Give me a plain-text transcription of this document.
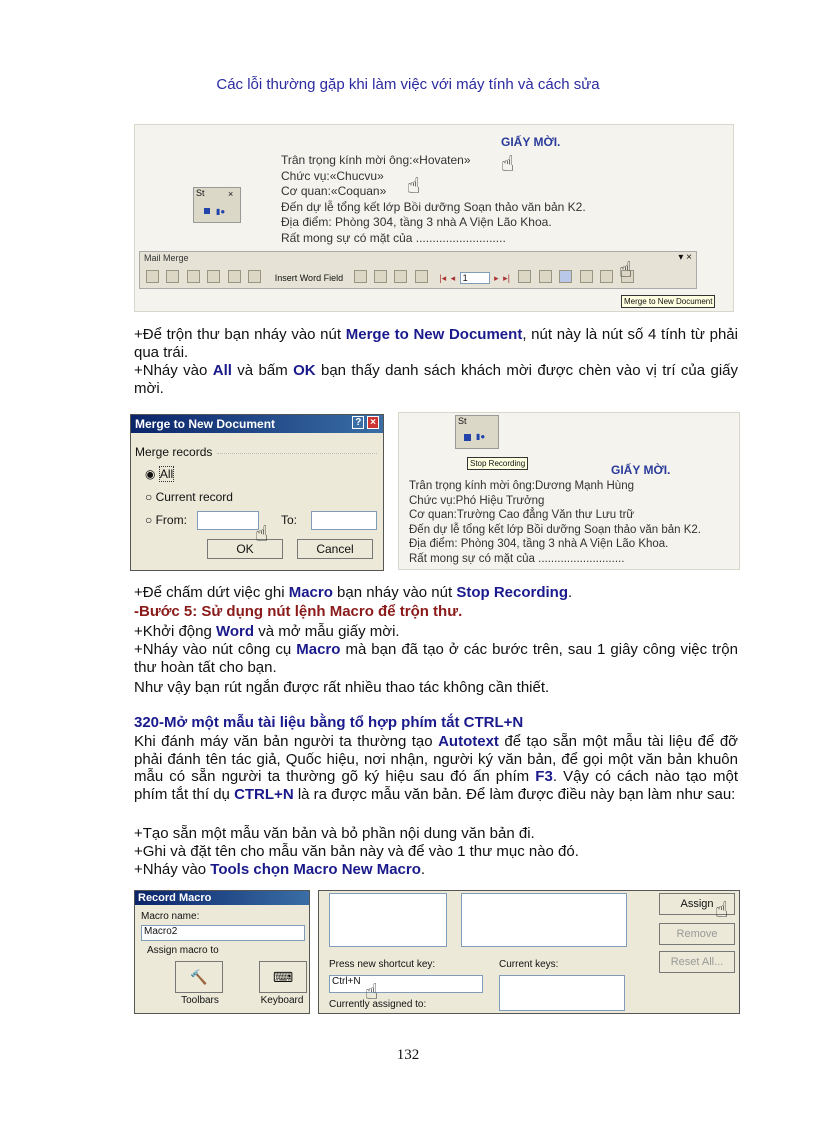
Các lỗi thường gặp khi làm việc với máy tính và cách sửa
GIẤY MỜI.
Trân trọng kính mời ông:«Hovaten»
Chức vụ:«Chucvu»
Cơ quan:«Coquan»
Đến dự lễ tổng kết lớp Bồi dưỡng Soạn thảo văn bản K2.
Địa điểm: Phòng 304, tầng 3 nhà A Viện Lão Khoa.
Rất mong sự có mặt của ...........................
☝
☝
St
▮●
×
Mail Merge	▾ ×
Insert Word Field	|◂ ◂ 1	▸ ▸|	☝
Merge to New Document
+Để trộn thư bạn nháy vào nút Merge to New Document, nút này là nút số 4 tính từ phải qua trái.
+Nháy vào All và bấm OK bạn thấy danh sách khách mời được chèn vào vị trí của giấy mời.
Merge to New Document	? ×
Merge records
◉ All
○ Current record
○ From:	To:
OK	Cancel
☝
St
▮●
Stop Recording	GIẤY MỜI.
Trân trọng kính mời ông:Dương Mạnh Hùng
Chức vụ:Phó Hiệu Trưởng
Cơ quan:Trường Cao đẳng Văn thư Lưu trữ
Đến dự lễ tổng kết lớp Bồi dưỡng Soạn thảo văn bản K2.
Địa điểm: Phòng 304, tầng 3 nhà A Viện Lão Khoa.
Rất mong sự có mặt của ...........................
+Để chấm dứt việc ghi Macro bạn nháy vào nút Stop Recording.
-Bước 5: Sử dụng nút lệnh Macro để trộn thư.
+Khởi động Word và mở mẫu giấy mời.
+Nháy vào nút công cụ Macro mà bạn đã tạo ở các bước trên, sau 1 giây công việc trộn thư hoàn tất cho bạn.
Như vậy bạn rút ngắn được rất nhiều thao tác không cần thiết.
320-Mở một mẫu tài liệu bằng tổ hợp phím tắt CTRL+N
Khi đánh máy văn bản người ta thường tạo Autotext để tạo sẵn một mẫu tài liệu để đỡ phải đánh tên tác giả, Quốc hiệu, nơi nhận, người ký văn bản, để gọi một văn bản khuôn mẫu có sẵn người ta thường gõ ký hiệu sau đó ấn phím F3. Vậy có cách nào tạo một phím tắt thí dụ CTRL+N là ra được mẫu văn bản. Để làm được điều này bạn làm như sau:
+Tạo sẵn một mẫu văn bản và bỏ phần nội dung văn bản đi.
+Ghi và đặt tên cho mẫu văn bản này và để vào 1 thư mục nào đó.
+Nháy vào Tools chọn Macro New Macro.
Record Macro
Macro name:
Macro2
Assign macro to
🔨
Toolbars
⌨
Keyboard
Assign
Remove
Reset All...
Press new shortcut key:
Ctrl+N
Current keys:
Currently assigned to:
☝
☝
132
